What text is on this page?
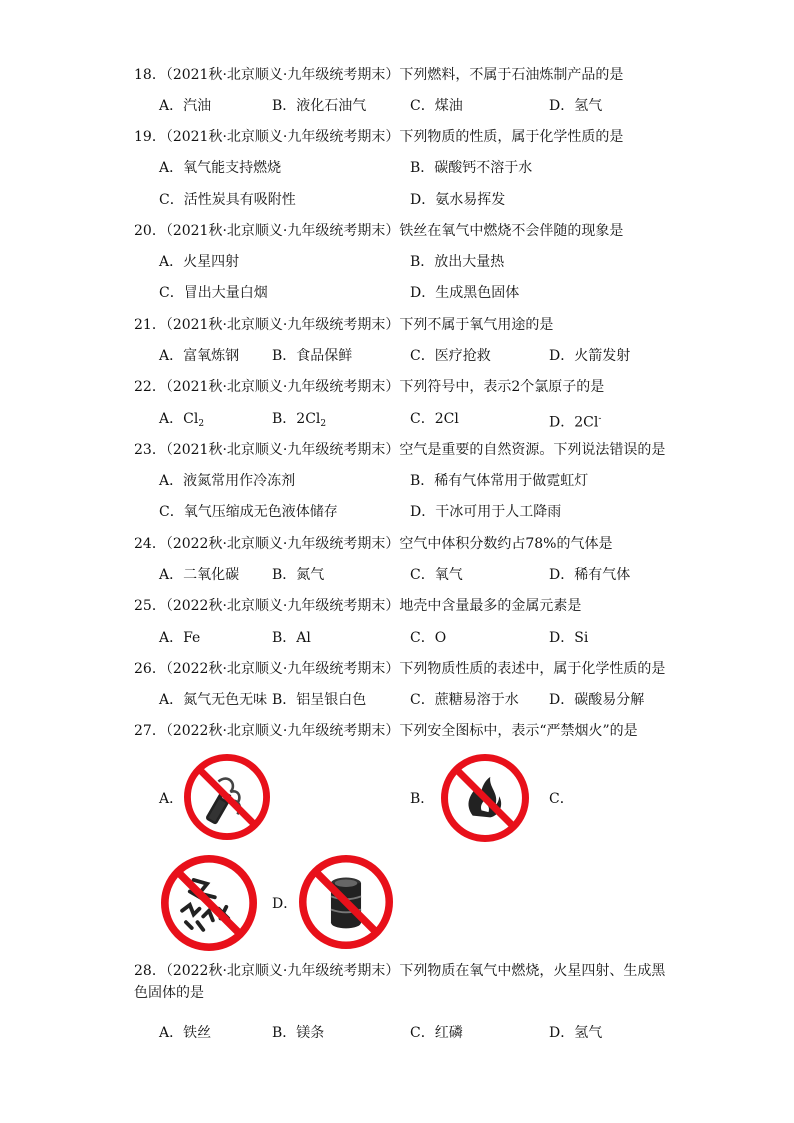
18．（2021秋·北京顺义·九年级统考期末）下列燃料，不属于石油炼制产品的是
A．汽油	B．液化石油气	C．煤油	D．氢气
19．（2021秋·北京顺义·九年级统考期末）下列物质的性质，属于化学性质的是
A．氧气能支持燃烧	B．碳酸钙不溶于水
C．活性炭具有吸附性	D．氨水易挥发
20．（2021秋·北京顺义·九年级统考期末）铁丝在氧气中燃烧不会伴随的现象是
A．火星四射	B．放出大量热
C．冒出大量白烟	D．生成黑色固体
21．（2021秋·北京顺义·九年级统考期末）下列不属于氧气用途的是
A．富氧炼钢 B．食品保鲜	C．医疗抢救	D．火箭发射
22．（2021秋·北京顺义·九年级统考期末）下列符号中，表示2个氯原子的是
A．$Cl_2$	B．$2Cl_2$	C．2Cl	D．2Cl-
23．（2021秋·北京顺义·九年级统考期末）空气是重要的自然资源。下列说法错误的是
A．液氮常用作冷冻剂	B．稀有气体常用于做霓虹灯
C．氧气压缩成无色液体储存	D．干冰可用于人工降雨
24．（2022秋·北京顺义·九年级统考期末）空气中体积分数约占78%的气体是
A．二氧化碳 B．氮气	C．氧气	D．稀有气体
25．（2022秋·北京顺义·九年级统考期末）地壳中含量最多的金属元素是
A．Fe	B．Al	C．O	D．Si
26．（2022秋·北京顺义·九年级统考期末）下列物质性质的表述中，属于化学性质的是
A．氮气无色无味 B．铝呈银白色	C．蔗糖易溶于水 D．碳酸易分解
27．（2022秋·北京顺义·九年级统考期末）下列安全图标中，表示“严禁烟火”的是
A．	B．	C．
D．
28．（2022秋·北京顺义·九年级统考期末）下列物质在氧气中燃烧，火星四射、生成黑色固体的是
A．铁丝	B．镁条	C．红磷	D．氢气
